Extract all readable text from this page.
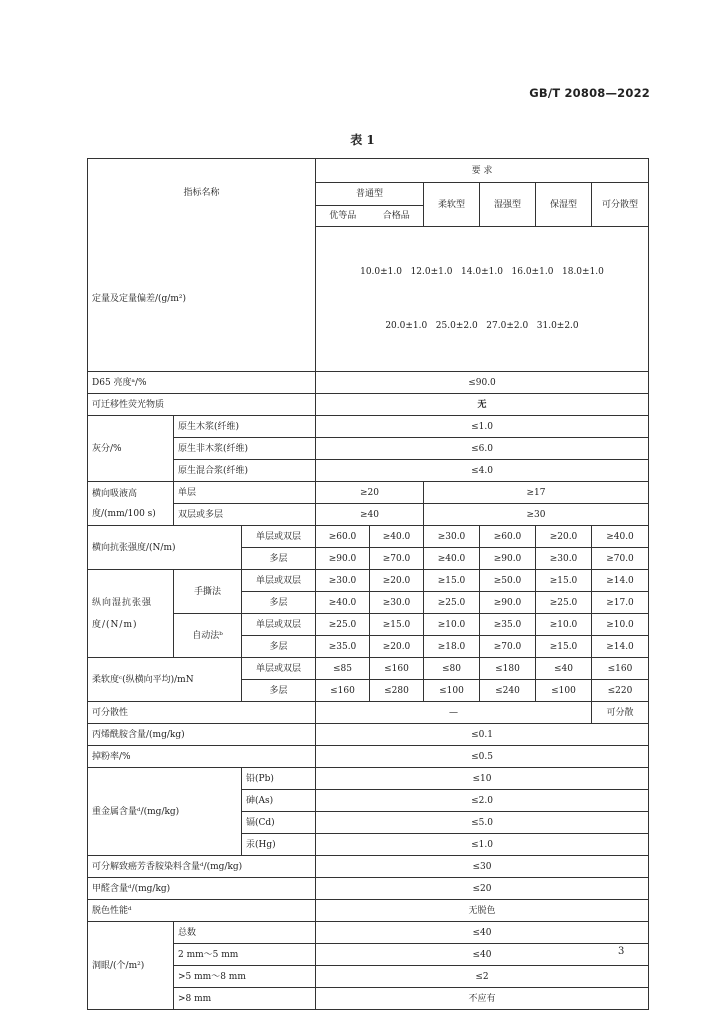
GB/T 20808—2022
表 1
指标名称			要 求					
			普通型		柔软型	湿强型	保湿型	可分散型
			优等品	合格品				
定量及定量偏差/(g/m²)			10.0±1.0   12.0±1.0   14.0±1.0   16.0±1.0   18.0±1.0

20.0±1.0   25.0±2.0   27.0±2.0   31.0±2.0					

D65 亮度ᵃ/%			≤90.0					
可迁移性荧光物质			无					
灰分/%	原生木浆(纤维)		≤1.0					
	原生非木浆(纤维)		≤6.0					
	原生混合浆(纤维)		≤4.0					
横向吸液高度/(mm/100 s)	单层		≥20		≥17			
	双层或多层		≥40		≥30			
横向抗张强度/(N/m)		单层或双层	≥60.0	≥40.0	≥30.0	≥60.0	≥20.0	≥40.0
		多层	≥90.0	≥70.0	≥40.0	≥90.0	≥30.0	≥70.0
纵向湿抗张强度/(N/m)	手撕法	单层或双层	≥30.0	≥20.0	≥15.0	≥50.0	≥15.0	≥14.0
		多层	≥40.0	≥30.0	≥25.0	≥90.0	≥25.0	≥17.0
	自动法ᵇ	单层或双层	≥25.0	≥15.0	≥10.0	≥35.0	≥10.0	≥10.0
		多层	≥35.0	≥20.0	≥18.0	≥70.0	≥15.0	≥14.0
柔软度ᶜ(纵横向平均)/mN		单层或双层	≤85	≤160	≤80	≤180	≤40	≤160
		多层	≤160	≤280	≤100	≤240	≤100	≤220
可分散性			—					可分散
丙烯酰胺含量/(mg/kg)			≤0.1					
掉粉率/%			≤0.5					
重金属含量ᵈ/(mg/kg)		铅(Pb)	≤10					
		砷(As)	≤2.0					
		镉(Cd)	≤5.0					
		汞(Hg)	≤1.0					
可分解致癌芳香胺染料含量ᵈ/(mg/kg)			≤30					
甲醛含量ᵈ/(mg/kg)			≤20					
脱色性能ᵈ			无脱色					
洞眼/(个/m²)	总数		≤40					
	2 mm～5 mm		≤40					
	>5 mm～8 mm		≤2					
	>8 mm		不应有					
3
